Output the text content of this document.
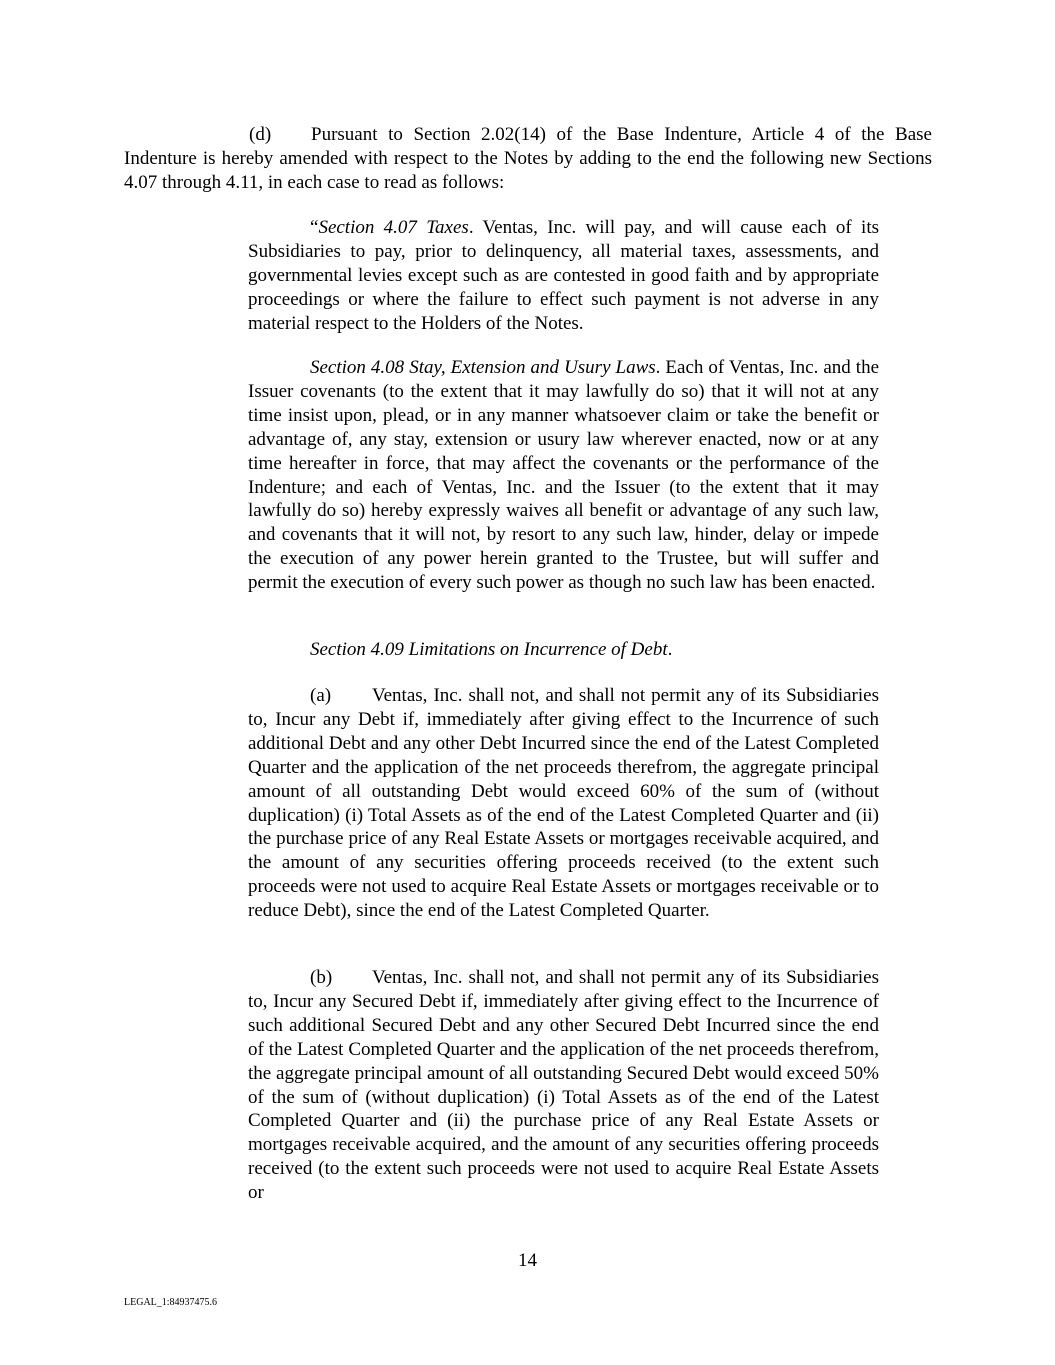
(d) Pursuant to Section 2.02(14) of the Base Indenture, Article 4 of the Base Indenture is hereby amended with respect to the Notes by adding to the end the following new Sections 4.07 through 4.11, in each case to read as follows:

“Section 4.07 Taxes. Ventas, Inc. will pay, and will cause each of its Subsidiaries to pay, prior to delinquency, all material taxes, assessments, and governmental levies except such as are contested in good faith and by appropriate proceedings or where the failure to effect such payment is not adverse in any material respect to the Holders of the Notes.

Section 4.08 Stay, Extension and Usury Laws. Each of Ventas, Inc. and the Issuer covenants (to the extent that it may lawfully do so) that it will not at any time insist upon, plead, or in any manner whatsoever claim or take the benefit or advantage of, any stay, extension or usury law wherever enacted, now or at any time hereafter in force, that may affect the covenants or the performance of the Indenture; and each of Ventas, Inc. and the Issuer (to the extent that it may lawfully do so) hereby expressly waives all benefit or advantage of any such law, and covenants that it will not, by resort to any such law, hinder, delay or impede the execution of any power herein granted to the Trustee, but will suffer and permit the execution of every such power as though no such law has been enacted.

Section 4.09 Limitations on Incurrence of Debt.

(a) Ventas, Inc. shall not, and shall not permit any of its Subsidiaries to, Incur any Debt if, immediately after giving effect to the Incurrence of such additional Debt and any other Debt Incurred since the end of the Latest Completed Quarter and the application of the net proceeds therefrom, the aggregate principal amount of all outstanding Debt would exceed 60% of the sum of (without duplication) (i) Total Assets as of the end of the Latest Completed Quarter and (ii) the purchase price of any Real Estate Assets or mortgages receivable acquired, and the amount of any securities offering proceeds received (to the extent such proceeds were not used to acquire Real Estate Assets or mortgages receivable or to reduce Debt), since the end of the Latest Completed Quarter.

(b) Ventas, Inc. shall not, and shall not permit any of its Subsidiaries to, Incur any Secured Debt if, immediately after giving effect to the Incurrence of such additional Secured Debt and any other Secured Debt Incurred since the end of the Latest Completed Quarter and the application of the net proceeds therefrom, the aggregate principal amount of all outstanding Secured Debt would exceed 50% of the sum of (without duplication) (i) Total Assets as of the end of the Latest Completed Quarter and (ii) the purchase price of any Real Estate Assets or mortgages receivable acquired, and the amount of any securities offering proceeds received (to the extent such proceeds were not used to acquire Real Estate Assets or

14
LEGAL_1:84937475.6
